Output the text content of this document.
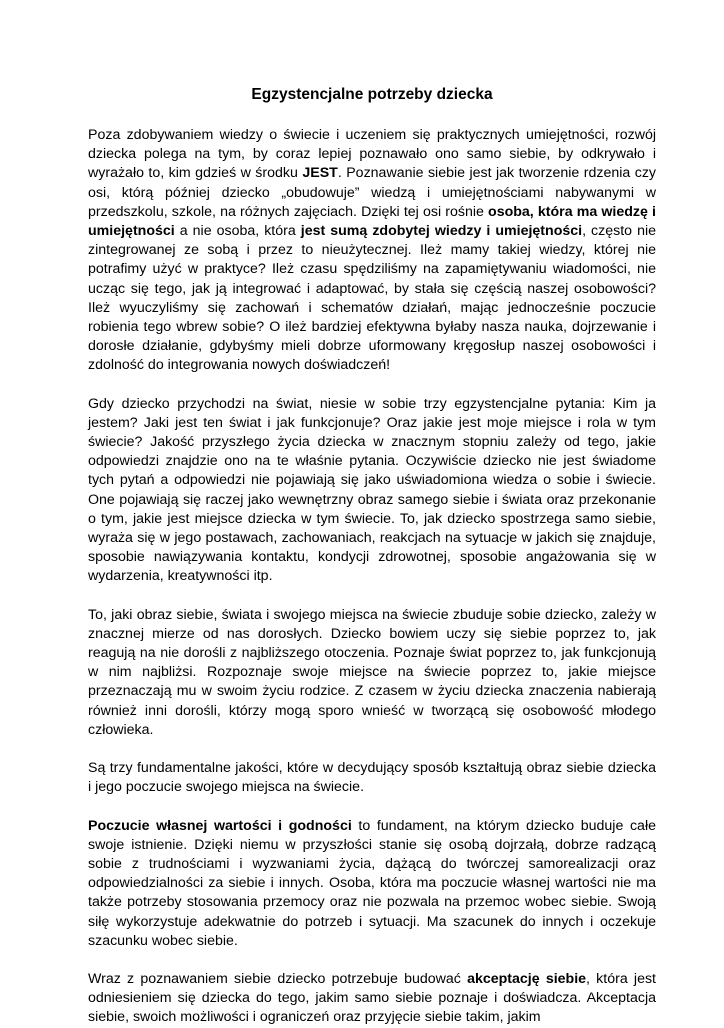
Egzystencjalne potrzeby dziecka

Poza zdobywaniem wiedzy o świecie i uczeniem się praktycznych umiejętności, rozwój dziecka polega na tym, by coraz lepiej poznawało ono samo siebie, by odkrywało i wyrażało to, kim gdzieś w środku JEST. Poznawanie siebie jest jak tworzenie rdzenia czy osi, którą później dziecko „obudowuje” wiedzą i umiejętnościami nabywanymi w przedszkolu, szkole, na różnych zajęciach. Dzięki tej osi rośnie osoba, która ma wiedzę i umiejętności a nie osoba, która jest sumą zdobytej wiedzy i umiejętności, często nie zintegrowanej ze sobą i przez to nieużytecznej. Ileż mamy takiej wiedzy, której nie potrafimy użyć w praktyce? Ileż czasu spędziliśmy na zapamiętywaniu wiadomości, nie ucząc się tego, jak ją integrować i adaptować, by stała się częścią naszej osobowości? Ileż wyuczyliśmy się zachowań i schematów działań, mając jednocześnie poczucie robienia tego wbrew sobie? O ileż bardziej efektywna byłaby nasza nauka, dojrzewanie i dorosłe działanie, gdybyśmy mieli dobrze uformowany kręgosłup naszej osobowości i zdolność do integrowania nowych doświadczeń!

Gdy dziecko przychodzi na świat, niesie w sobie trzy egzystencjalne pytania: Kim ja jestem? Jaki jest ten świat i jak funkcjonuje? Oraz jakie jest moje miejsce i rola w tym świecie? Jakość przyszłego życia dziecka w znacznym stopniu zależy od tego, jakie odpowiedzi znajdzie ono na te właśnie pytania. Oczywiście dziecko nie jest świadome tych pytań a odpowiedzi nie pojawiają się jako uświadomiona wiedza o sobie i świecie. One pojawiają się raczej jako wewnętrzny obraz samego siebie i świata oraz przekonanie o tym, jakie jest miejsce dziecka w tym świecie. To, jak dziecko spostrzega samo siebie, wyraża się w jego postawach, zachowaniach, reakcjach na sytuacje w jakich się znajduje, sposobie nawiązywania kontaktu, kondycji zdrowotnej, sposobie angażowania się w wydarzenia, kreatywności itp.

To, jaki obraz siebie, świata i swojego miejsca na świecie zbuduje sobie dziecko, zależy w znacznej mierze od nas dorosłych. Dziecko bowiem uczy się siebie poprzez to, jak reagują na nie dorośli z najbliższego otoczenia. Poznaje świat poprzez to, jak funkcjonują w nim najbliżsi. Rozpoznaje swoje miejsce na świecie poprzez to, jakie miejsce przeznaczają mu w swoim życiu rodzice. Z czasem w życiu dziecka znaczenia nabierają również inni dorośli, którzy mogą sporo wnieść w tworzącą się osobowość młodego człowieka.

Są trzy fundamentalne jakości, które w decydujący sposób kształtują obraz siebie dziecka i jego poczucie swojego miejsca na świecie.

Poczucie własnej wartości i godności to fundament, na którym dziecko buduje całe swoje istnienie. Dzięki niemu w przyszłości stanie się osobą dojrzałą, dobrze radzącą sobie z trudnościami i wyzwaniami życia, dążącą do twórczej samorealizacji oraz odpowiedzialności za siebie i innych. Osoba, która ma poczucie własnej wartości nie ma także potrzeby stosowania przemocy oraz nie pozwala na przemoc wobec siebie. Swoją siłę wykorzystuje adekwatnie do potrzeb i sytuacji. Ma szacunek do innych i oczekuje szacunku wobec siebie.

Wraz z poznawaniem siebie dziecko potrzebuje budować akceptację siebie, która jest odniesieniem się dziecka do tego, jakim samo siebie poznaje i doświadcza. Akceptacja siebie, swoich możliwości i ograniczeń oraz przyjęcie siebie takim, jakim
